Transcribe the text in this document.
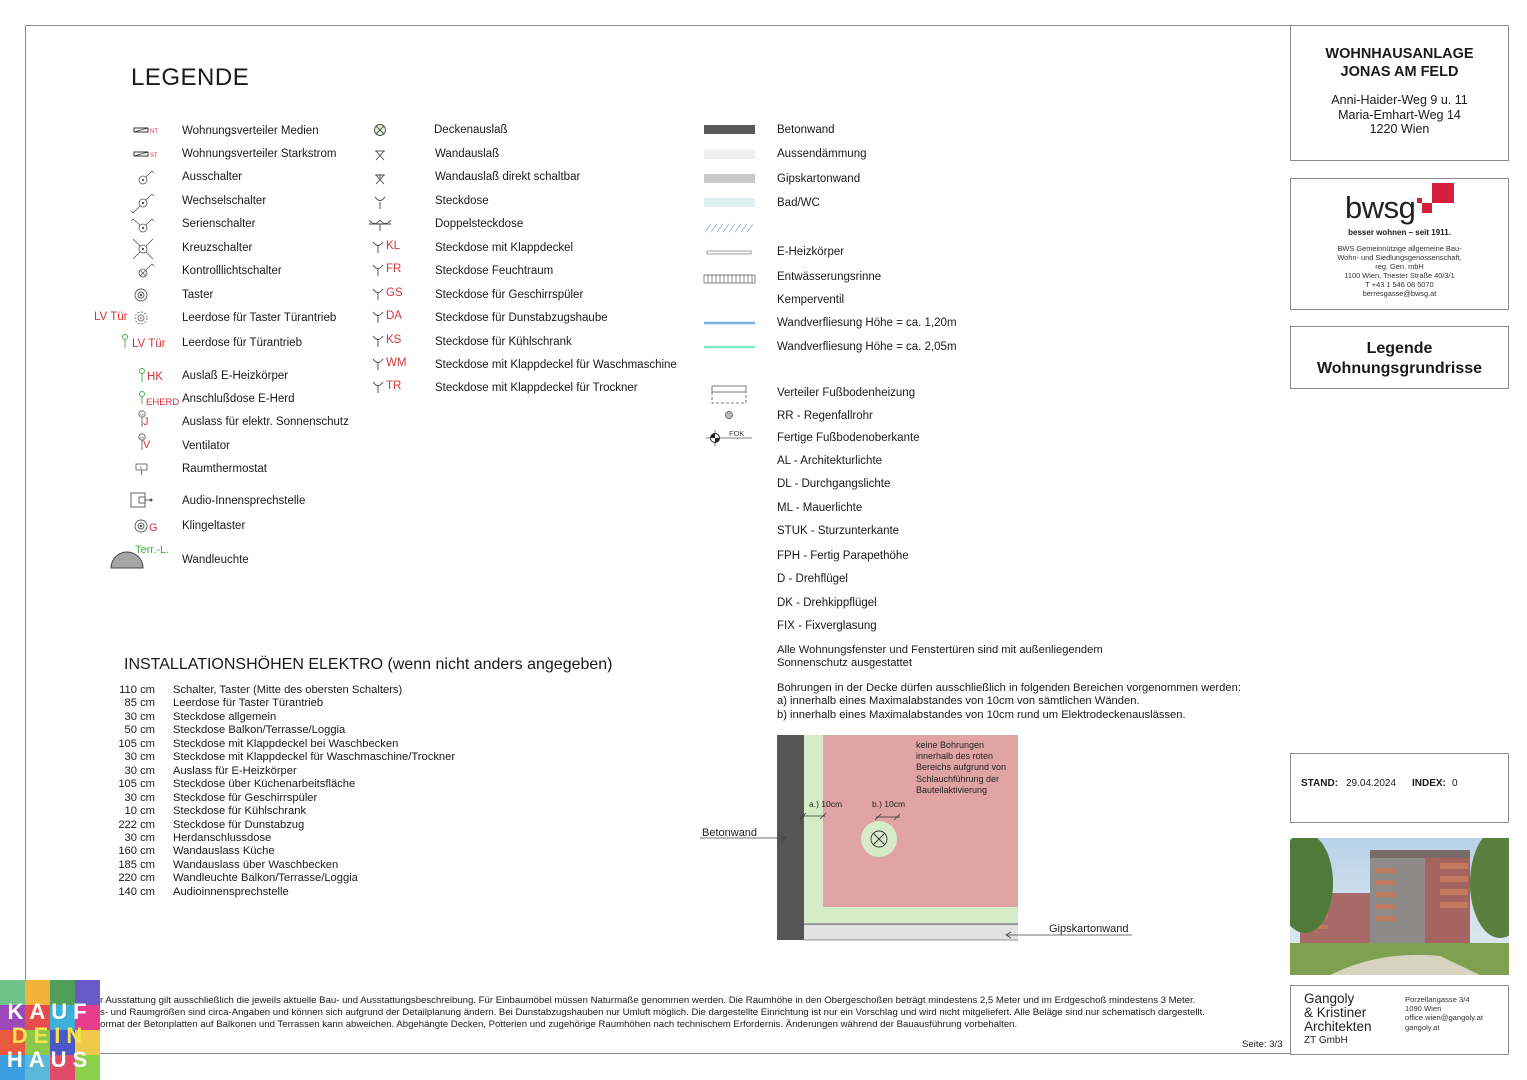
LEGENDE
NT
ST
M
M
S
LV Tür
LV Tür
HK
EHERD
J
V
G
Terr.-L.
Wohnungsverteiler Medien
Wohnungsverteiler Starkstrom
Ausschalter
Wechselschalter
Serienschalter
Kreuzschalter
Kontrolllichtschalter
Taster
Leerdose für Taster Türantrieb
Leerdose für Türantrieb
Auslaß E-Heizkörper
Anschlußdose E-Herd
Auslass für elektr. Sonnenschutz
Ventilator
Raumthermostat
Audio-Innensprechstelle
Klingeltaster
Wandleuchte
KL
FR
GS
DA
KS
WM
TR
Deckenauslaß
Wandauslaß
Wandauslaß direkt schaltbar
Steckdose
Doppelsteckdose
Steckdose mit Klappdeckel
Steckdose Feuchtraum
Steckdose für Geschirrspüler
Steckdose für Dunstabzugshaube
Steckdose für Kühlschrank
Steckdose mit Klappdeckel für Waschmaschine
Steckdose mit Klappdeckel für Trockner
FOK
Betonwand
Aussendämmung
Gipskartonwand
Bad/WC
E-Heizkörper
Entwässerungsrinne
Kemperventil
Wandverfliesung Höhe = ca. 1,20m
Wandverfliesung Höhe = ca. 2,05m
Verteiler Fußbodenheizung
RR - Regenfallrohr
Fertige Fußbodenoberkante
AL - Architekturlichte
DL - Durchgangslichte
ML - Mauerlichte
STUK - Sturzunterkante
FPH - Fertig Parapethöhe
D - Drehflügel
DK - Drehkippflügel
FIX - Fixverglasung
Alle Wohnungsfenster und Fenstertüren sind mit außenliegendem
Sonnenschutz ausgestattet
Bohrungen in der Decke dürfen ausschließlich in folgenden Bereichen vorgenommen werden:
a) innerhalb eines Maximalabstandes von 10cm von sämtlichen Wänden.
b) innerhalb eines Maximalabstandes von 10cm rund um Elektrodeckenauslässen.
a.) 10cm	b.) 10cm
keine Bohrungen
innerhalb des roten
Bereichs aufgrund von
Schlauchführung der
Bauteilaktivierung
Betonwand
Gipskartonwand
INSTALLATIONSHÖHEN ELEKTRO (wenn nicht anders angegeben)
110 cm Schalter, Taster (Mitte des obersten Schalters)
85 cm Leerdose für Taster Türantrieb
30 cm Steckdose allgemein
50 cm Steckdose Balkon/Terrasse/Loggia
105 cm Steckdose mit Klappdeckel bei Waschbecken
30 cm Steckdose mit Klappdeckel für Waschmaschine/Trockner
30 cm Auslass für E-Heizkörper
105 cm Steckdose über Küchenarbeitsfläche
30 cm Steckdose für Geschirrspüler
10 cm Steckdose für Kühlschrank
222 cm Steckdose für Dunstabzug
30 cm Herdanschlussdose
160 cm Wandauslass Küche
185 cm Wandauslass über Waschbecken
220 cm Wandleuchte Balkon/Terrasse/Loggia
140 cm Audioinnensprechstelle
r Ausstattung gilt ausschließlich die jeweils aktuelle Bau- und Ausstattungsbeschreibung. Für Einbaumöbel müssen Naturmaße genommen werden. Die Raumhöhe in den Obergeschoßen beträgt mindestens 2,5 Meter und im Erdgeschoß mindestens 3 Meter.
s- und Raumgrößen sind circa-Angaben und können sich aufgrund der Detailplanung ändern. Bei Dunstabzugshauben nur Umluft möglich. Die dargestellte Einrichtung ist nur ein Vorschlag und wird nicht mitgeliefert. Alle Beläge sind nur schematisch dargestellt.
ormat der Betonplatten auf Balkonen und Terrassen kann abweichen. Abgehängte Decken, Potterien und zugehörige Raumhöhen nach technischem Erfordernis. Änderungen während der Bauausführung vorbehalten.
Seite: 3/3
KAUF
DEIN
HAUS
WOHNHAUSANLAGE
JONAS AM FELD
Anni-Haider-Weg 9 u. 11
Maria-Emhart-Weg 14
1220 Wien
bwsg
besser wohnen – seit 1911.
BWS Gemeinnützige allgemeine Bau-
Wohn- und Siedlungsgenossenschaft,
reg. Gen. mbH
1100 Wien, Triester Straße 40/3/1
T +43 1 546 08 5070
berresgasse@bwsg.at
Legende
Wohnungsgrundrisse
STAND: 29.04.2024 INDEX: 0
Gangoly
& Kristiner
Architekten
ZT GmbH
Porzellangasse 3/4
1090 Wien
office.wien@gangoly.at
gangoly.at
